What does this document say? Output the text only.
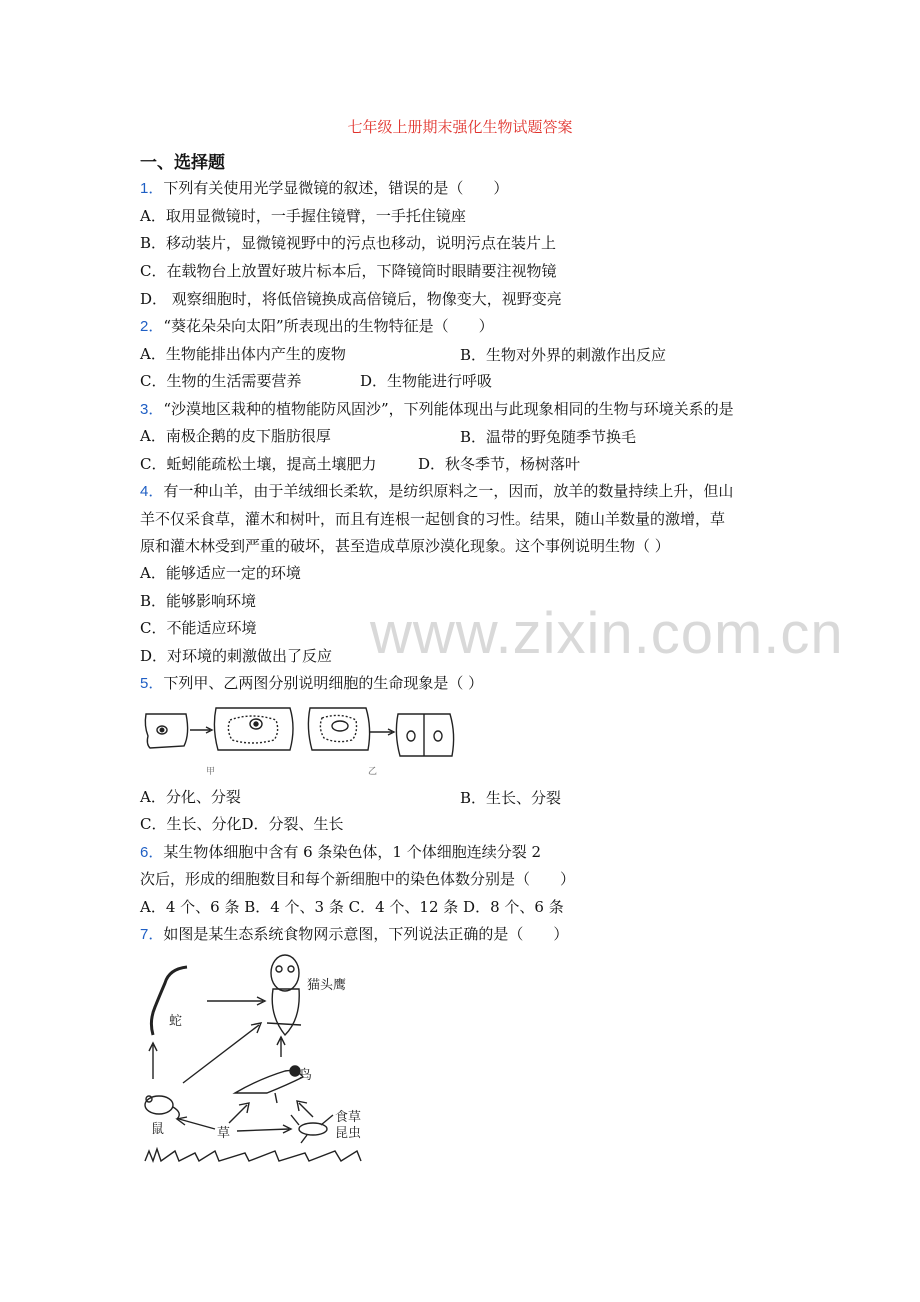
www.zixin.com.cn
七年级上册期末强化生物试题答案
一、选择题
1．下列有关使用光学显微镜的叙述，错误的是（　　）
A．取用显微镜时，一手握住镜臂，一手托住镜座
B．移动装片，显微镜视野中的污点也移动，说明污点在装片上
C．在载物台上放置好玻片标本后，下降镜筒时眼睛要注视物镜
D． 观察细胞时，将低倍镜换成高倍镜后，物像变大，视野变亮
2．“葵花朵朵向太阳”所表现出的生物特征是（　　）
A．生物能排出体内产生的废物	B．生物对外界的刺激作出反应
C．生物的生活需要营养	D．生物能进行呼吸
3．“沙漠地区栽种的植物能防风固沙”，下列能体现出与此现象相同的生物与环境关系的是
A．南极企鹅的皮下脂肪很厚	B．温带的野兔随季节换毛
C．蚯蚓能疏松土壤，提高土壤肥力	D．秋冬季节，杨树落叶
4．有一种山羊，由于羊绒细长柔软，是纺织原料之一，因而，放羊的数量持续上升，但山
羊不仅采食草，灌木和树叶，而且有连根一起刨食的习性。结果，随山羊数量的激增，草
原和灌木林受到严重的破坏，甚至造成草原沙漠化现象。这个事例说明生物（ ）
A．能够适应一定的环境
B．能够影响环境
C．不能适应环境
D．对环境的刺激做出了反应
5．下列甲、乙两图分别说明细胞的生命现象是（ ）
甲	乙
A．分化、分裂	B．生长、分裂
C．生长、分化D．分裂、生长
6．某生物体细胞中含有 6 条染色体，1 个体细胞连续分裂 2
次后，形成的细胞数目和每个新细胞中的染色体数分别是（　　）
A．4 个、6 条 B．4 个、3 条 C．4 个、12 条 D．8 个、6 条
7．如图是某生态系统食物网示意图，下列说法正确的是（　　）
猫头鹰
蛇
鸟
鼠	草
食草
昆虫
